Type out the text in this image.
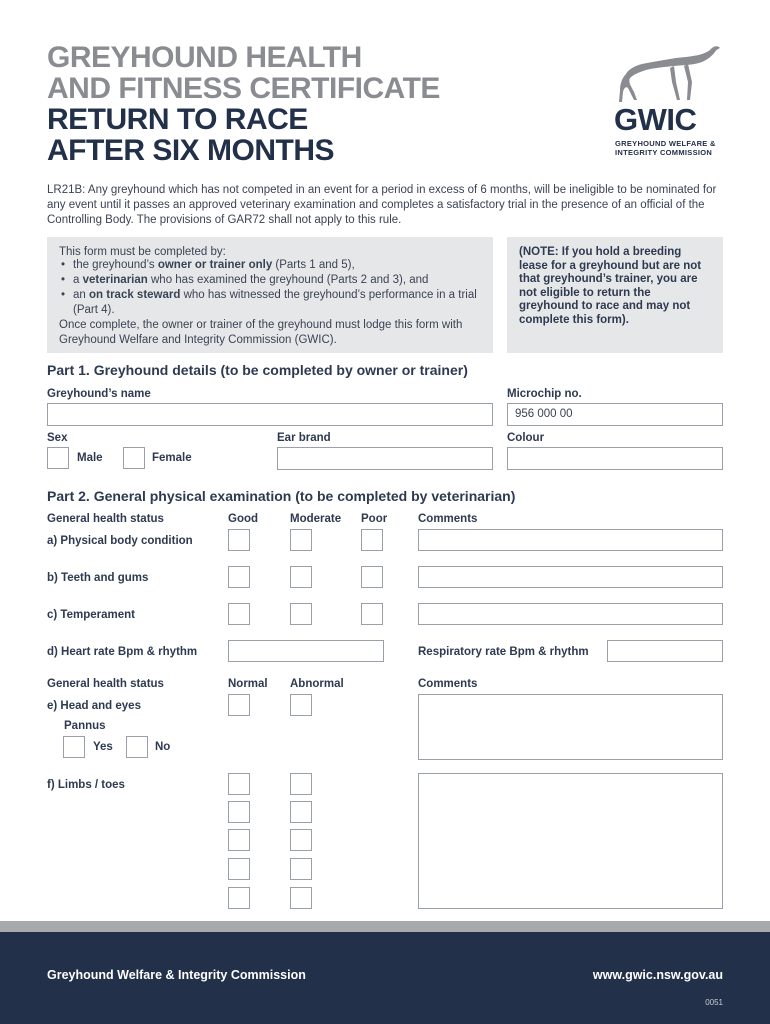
GREYHOUND HEALTH
AND FITNESS CERTIFICATE
RETURN TO RACE
AFTER SIX MONTHS
GWIC
GREYHOUND WELFARE &
INTEGRITY COMMISSION
LR21B: Any greyhound which has not competed in an event for a period in excess of 6 months, will be ineligible to be nominated for any event until it passes an approved veterinary examination and completes a satisfactory trial in the presence of an official of the Controlling Body. The provisions of GAR72 shall not apply to this rule.
This form must be completed by:
• the greyhound’s owner or trainer only (Parts 1 and 5),
• a veterinarian who has examined the greyhound (Parts 2 and 3), and
• an on track steward who has witnessed the greyhound’s performance in a trial (Part 4).
Once complete, the owner or trainer of the greyhound must lodge this form with Greyhound Welfare and Integrity Commission (GWIC).
(NOTE: If you hold a breeding lease for a greyhound but are not that greyhound’s trainer, you are not eligible to return the greyhound to race and may not complete this form).
Part 1. Greyhound details (to be completed by owner or trainer)
Greyhound’s name	Microchip no.
956 000 00
Sex
Male	Female
Ear brand	Colour
Part 2. General physical examination (to be completed by veterinarian)
General health status	Good	Moderate Poor	Comments
a) Physical body condition
b) Teeth and gums
c) Temperament
d) Heart rate Bpm & rhythm	Respiratory rate Bpm & rhythm
General health status	Normal Abnormal	Comments
e) Head and eyes
Pannus
Yes	No
f) Limbs / toes
Greyhound Welfare & Integrity Commission	www.gwic.nsw.gov.au
0051
